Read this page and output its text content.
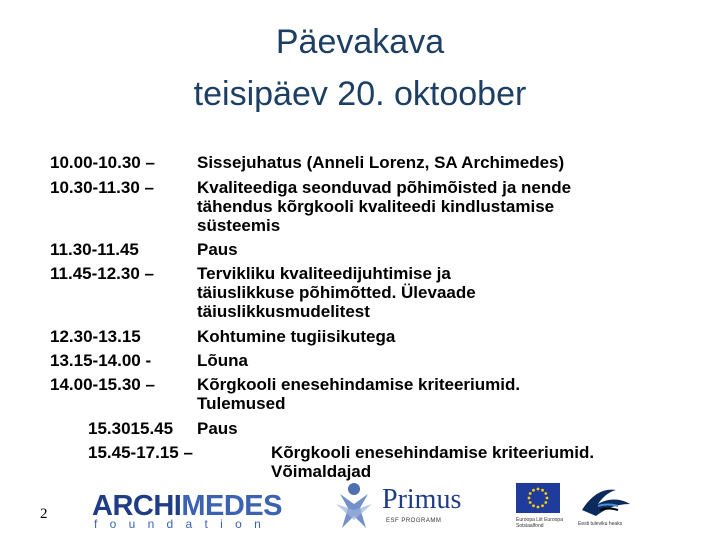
Päevakava
teisipäev 20. oktoober
10.00-10.30 – Sissejuhatus (Anneli Lorenz, SA Archimedes)
10.30-11.30 –	Kvaliteediga seonduvad põhimõisted ja nende
tähendus kõrgkooli kvaliteedi kindlustamise
süsteemis
11.30-11.45	Paus
11.45-12.30 –	Tervikliku kvaliteedijuhtimise ja
täiuslikkuse põhimõtted. Ülevaade
täiuslikkusmudelitest
12.30-13.15	Kohtumine tugiisikutega
13.15-14.00 -	Lõuna
14.00-15.30 – Kõrgkooli enesehindamise kriteeriumid.
Tulemused
15.3015.45 Paus
15.45-17.15 –	Kõrgkooli enesehindamise kriteeriumid.
Võimaldajad
2 ARCHIMEDES
foundation
Primus
ESF PROGRAMM	Euroopa Liit Euroopa Sotsiaalfond	Eesti tuleviku heaks
